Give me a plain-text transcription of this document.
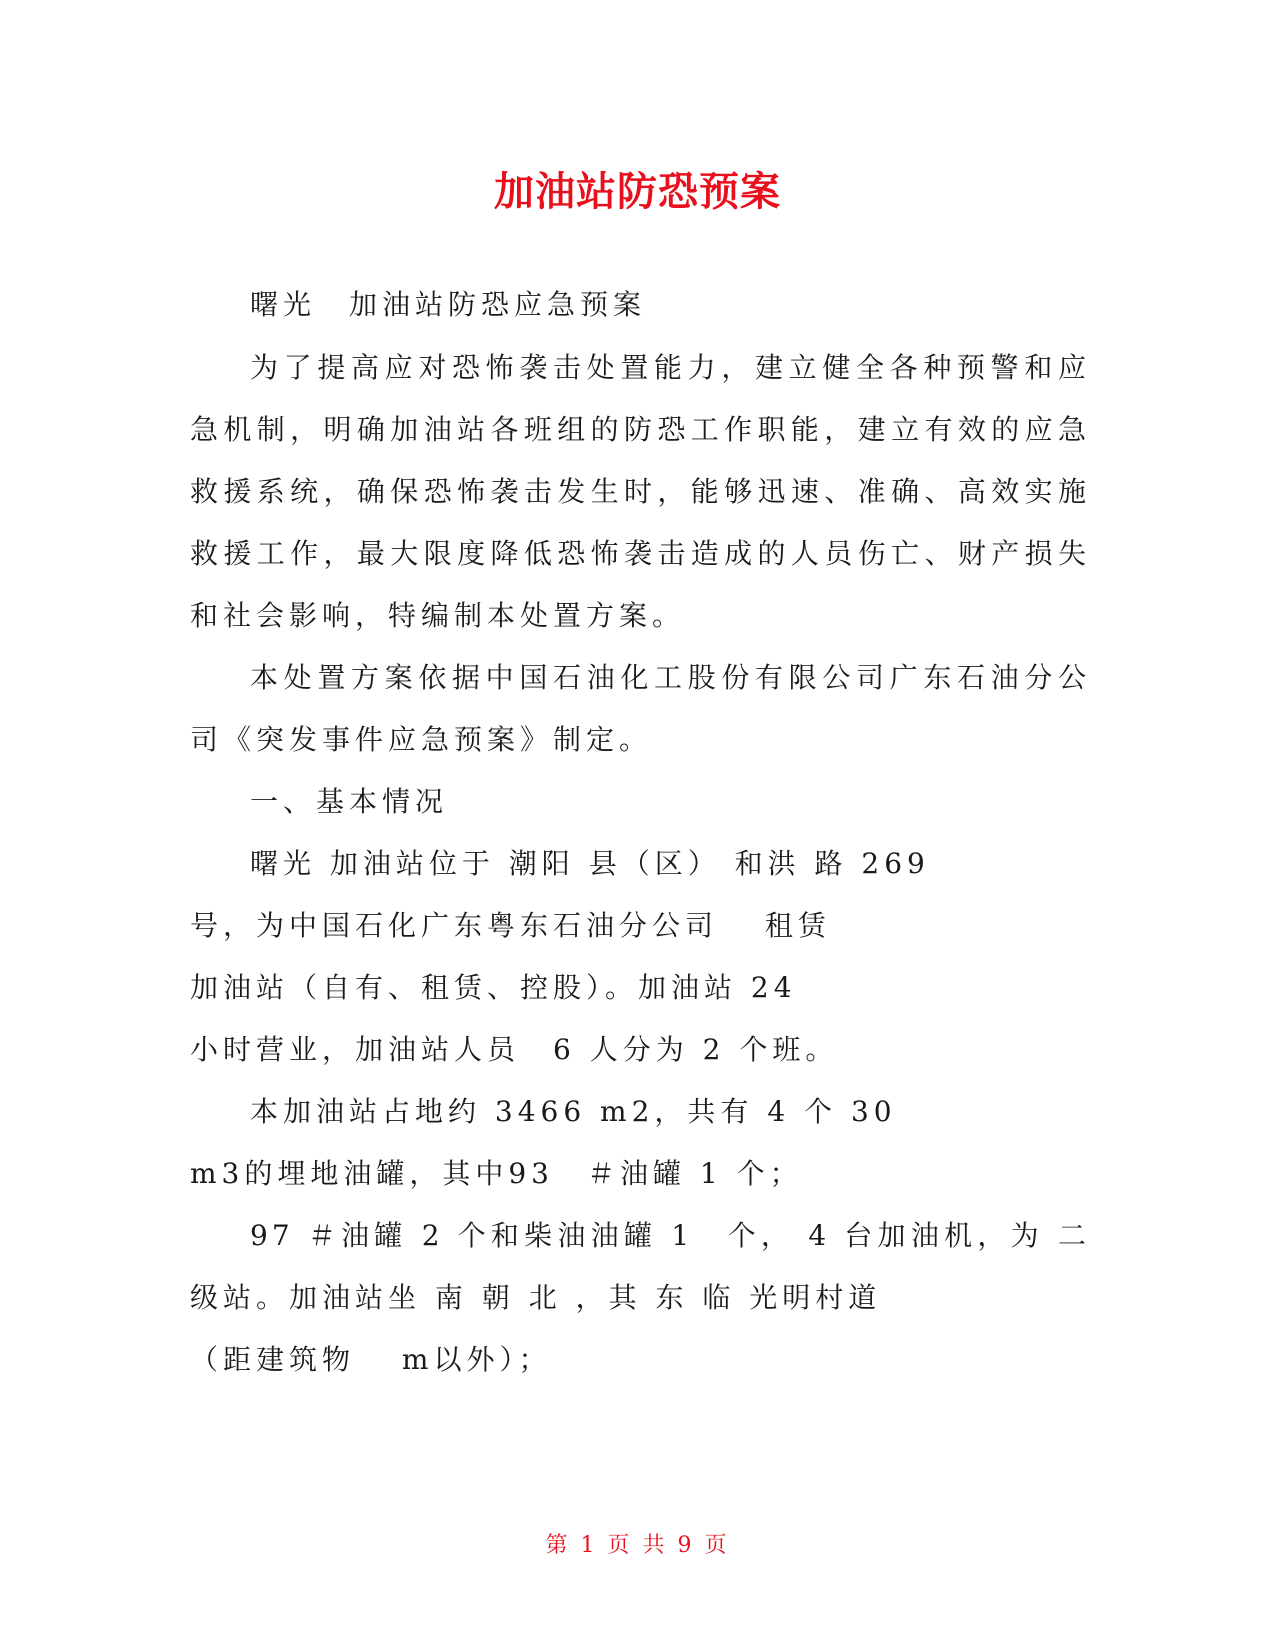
加油站防恐预案

曙光　加油站防恐应急预案

为了提高应对恐怖袭击处置能力，建立健全各种预警和应

急机制，明确加油站各班组的防恐工作职能，建立有效的应急

救援系统，确保恐怖袭击发生时，能够迅速、准确、高效实施

救援工作，最大限度降低恐怖袭击造成的人员伤亡、财产损失

和社会影响，特编制本处置方案。

本处置方案依据中国石油化工股份有限公司广东石油分公

司《突发事件应急预案》制定。

一、基本情况

曙光 加油站位于 潮阳 县（区） 和洪 路 269

号，为中国石化广东粤东石油分公司　 租赁

加油站（自有、租赁、控股）。加油站 24

小时营业，加油站人员　6 人分为 2 个班。

本加油站占地约 3466 m2，共有 4 个 30

m3的埋地油罐，其中93　＃油罐 1 个；

97 ＃油罐 2 个和柴油油罐 1　个， 4 台加油机，为 二

级站。加油站坐 南 朝 北 ，其 东 临 光明村道

（距建筑物　 m以外）；

第 1 页 共 9 页
